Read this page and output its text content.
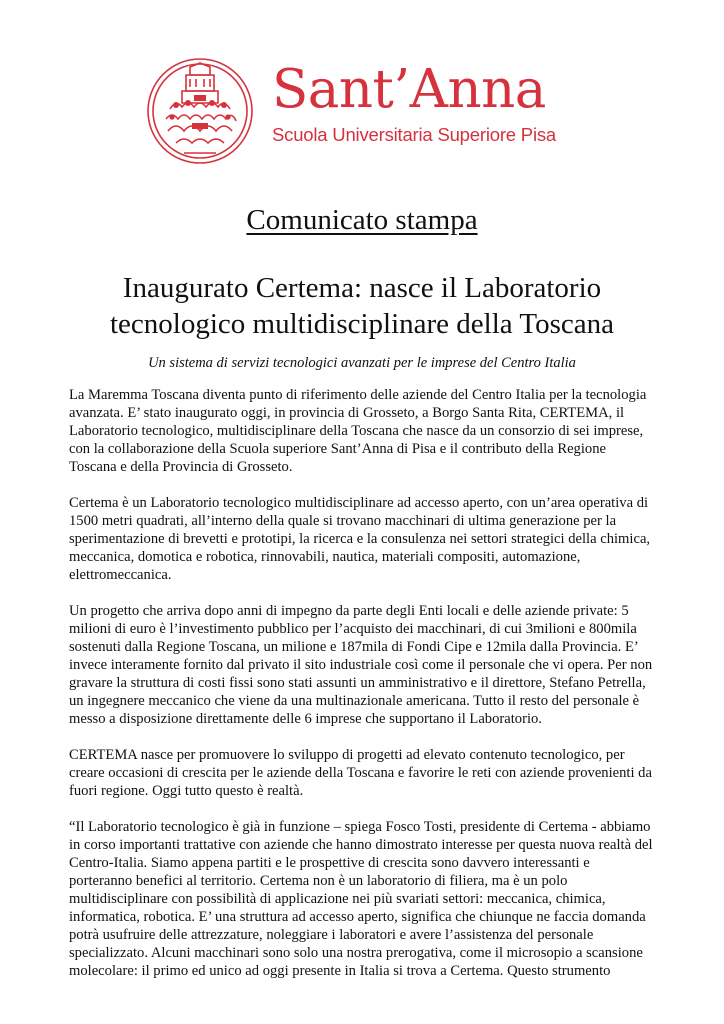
Sant’Anna
Scuola Universitaria Superiore Pisa
Comunicato stampa
Inaugurato Certema: nasce il Laboratorio
tecnologico multidisciplinare della Toscana
Un sistema di servizi tecnologici avanzati per le imprese del Centro Italia
La Maremma Toscana diventa punto di riferimento delle aziende del Centro Italia per la tecnologia
avanzata. E’ stato inaugurato oggi, in provincia di Grosseto, a Borgo Santa Rita, CERTEMA, il
Laboratorio tecnologico, multidisciplinare della Toscana che nasce da un consorzio di sei imprese,
con la collaborazione della Scuola superiore Sant’Anna di Pisa e il contributo della Regione
Toscana e della Provincia di Grosseto.
Certema è un Laboratorio tecnologico multidisciplinare ad accesso aperto, con un’area operativa di
1500 metri quadrati, all’interno della quale si trovano macchinari di ultima generazione per la
sperimentazione di brevetti e prototipi, la ricerca e la consulenza nei settori strategici della chimica,
meccanica, domotica e robotica, rinnovabili, nautica, materiali compositi, automazione,
elettromeccanica.
Un progetto che arriva dopo anni di impegno da parte degli Enti locali e delle aziende private: 5
milioni di euro è l’investimento pubblico per l’acquisto dei macchinari, di cui 3milioni e 800mila
sostenuti dalla Regione Toscana, un milione e 187mila di Fondi Cipe e 12mila dalla Provincia. E’
invece interamente fornito dal privato il sito industriale così come il personale che vi opera. Per non
gravare la struttura di costi fissi sono stati assunti un amministrativo e il direttore, Stefano Petrella,
un ingegnere meccanico che viene da una multinazionale americana. Tutto il resto del personale è
messo a disposizione direttamente delle 6 imprese che supportano il Laboratorio.
CERTEMA nasce per promuovere lo sviluppo di progetti ad elevato contenuto tecnologico, per
creare occasioni di crescita per le aziende della Toscana e favorire le reti con aziende provenienti da
fuori regione. Oggi tutto questo è realtà.
“Il Laboratorio tecnologico è già in funzione – spiega Fosco Tosti, presidente di Certema - abbiamo
in corso importanti trattative con aziende che hanno dimostrato interesse per questa nuova realtà del
Centro-Italia. Siamo appena partiti e le prospettive di crescita sono davvero interessanti e
porteranno benefici al territorio. Certema non è un laboratorio di filiera, ma è un polo
multidisciplinare con possibilità di applicazione nei più svariati settori: meccanica, chimica,
informatica, robotica. E’ una struttura ad accesso aperto, significa che chiunque ne faccia domanda
potrà usufruire delle attrezzature, noleggiare i laboratori e avere l’assistenza del personale
specializzato. Alcuni macchinari sono solo una nostra prerogativa, come il microsopio a scansione
molecolare: il primo ed unico ad oggi presente in Italia si trova a Certema. Questo strumento
